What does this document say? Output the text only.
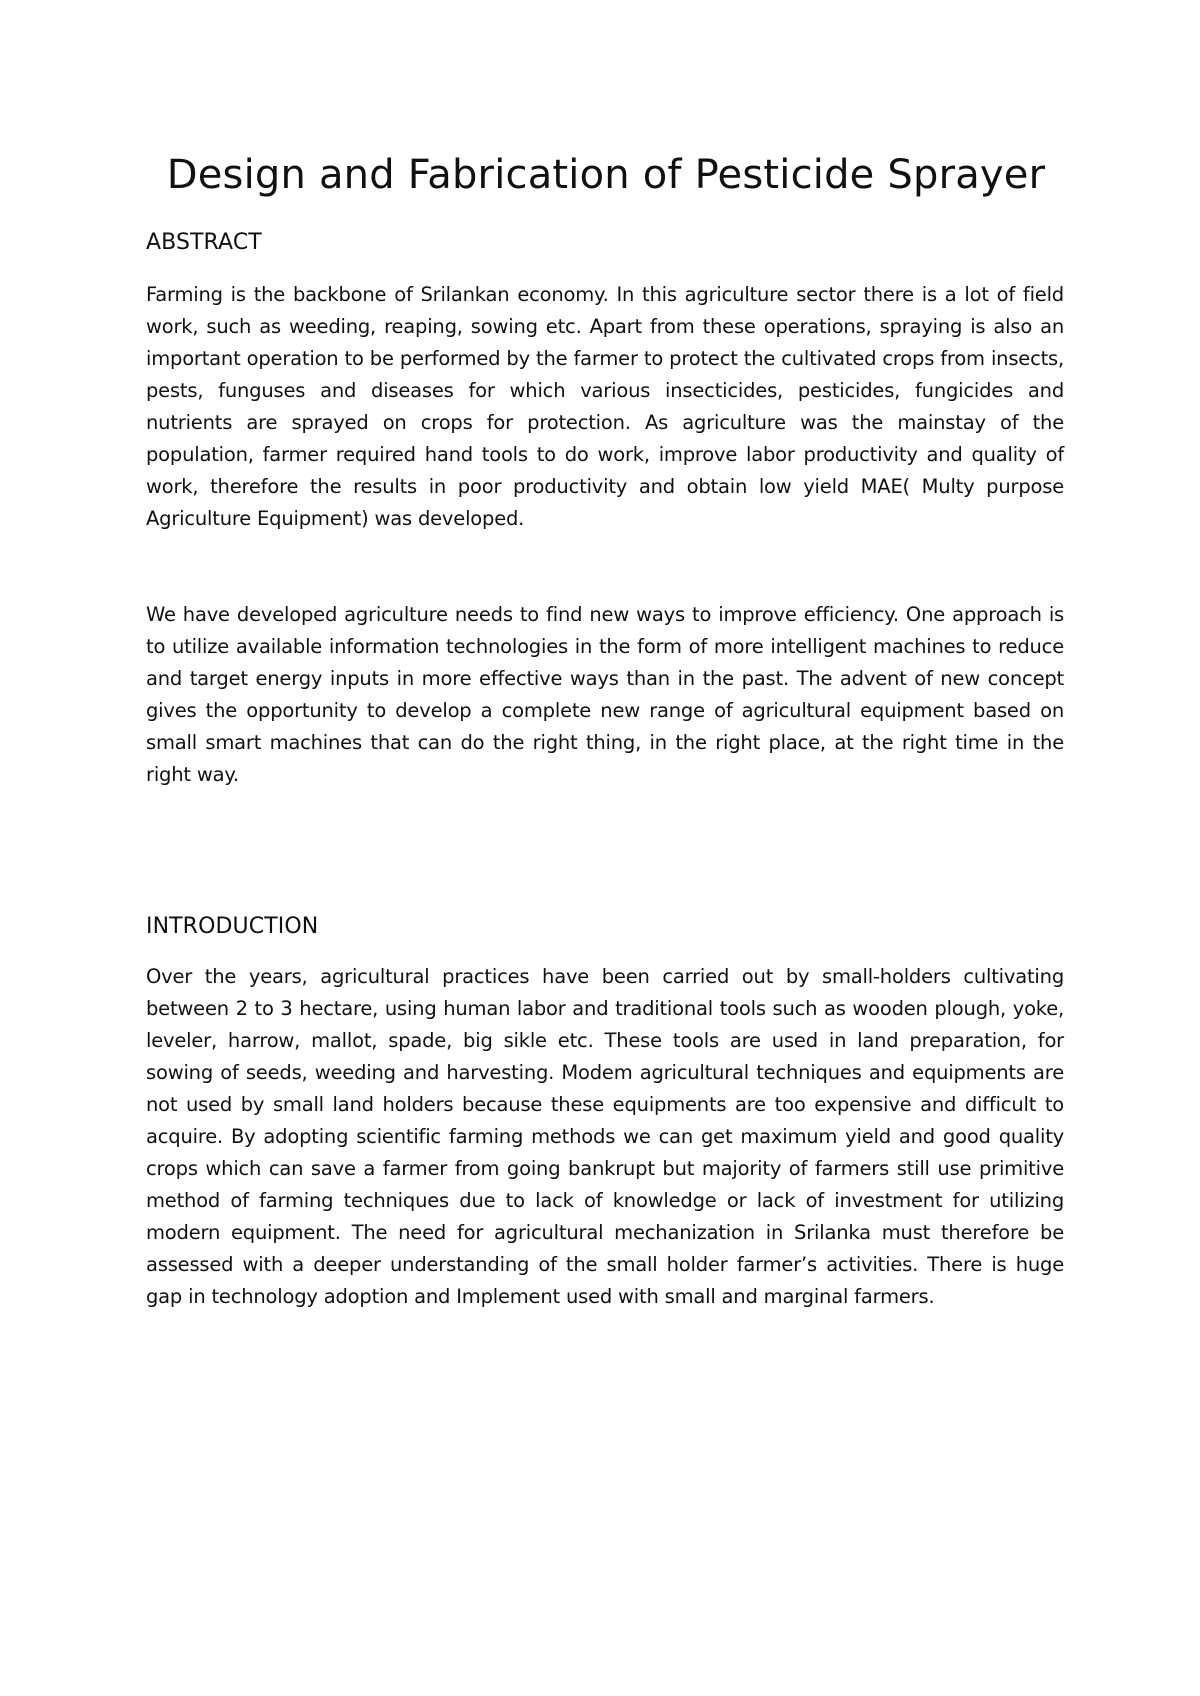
Design and Fabrication of Pesticide Sprayer
ABSTRACT

Farming is the backbone of Srilankan economy. In this agriculture sector there is a lot of field work, such as weeding, reaping, sowing etc. Apart from these operations, spraying is also an important operation to be performed by the farmer to protect the cultivated crops from insects, pests, funguses and diseases for which various insecticides, pesticides, fungicides and nutrients are sprayed on crops for protection. As agriculture was the mainstay of the population, farmer required hand tools to do work, improve labor productivity and quality of work, therefore the results in poor productivity and obtain low yield MAE( Multy purpose Agriculture Equipment) was developed.

We have developed agriculture needs to find new ways to improve efficiency. One approach is to utilize available information technologies in the form of more intelligent machines to reduce and target energy inputs in more effective ways than in the past. The advent of new concept gives the opportunity to develop a complete new range of agricultural equipment based on small smart machines that can do the right thing, in the right place, at the right time in the right way.

INTRODUCTION

Over the years, agricultural practices have been carried out by small-holders cultivating between 2 to 3 hectare, using human labor and traditional tools such as wooden plough, yoke, leveler, harrow, mallot, spade, big sikle etc. These tools are used in land preparation, for sowing of seeds, weeding and harvesting. Modem agricultural techniques and equipments are not used by small land holders because these equipments are too expensive and difficult to acquire. By adopting scientific farming methods we can get maximum yield and good quality crops which can save a farmer from going bankrupt but majority of farmers still use primitive method of farming techniques due to lack of knowledge or lack of investment for utilizing modern equipment. The need for agricultural mechanization in Srilanka must therefore be assessed with a deeper understanding of the small holder farmer’s activities. There is huge gap in technology adoption and Implement used with small and marginal farmers.
